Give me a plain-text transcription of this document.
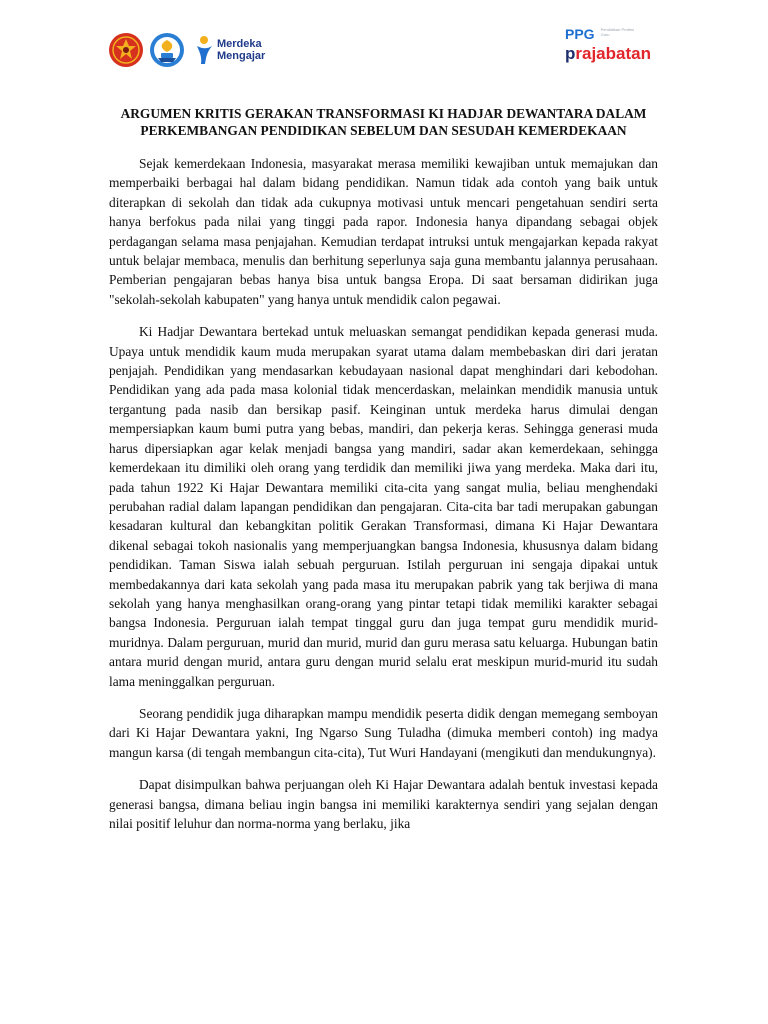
Merdeka
Mengajar
PPG Pendidikan Profesi Guru
prajabatan
ARGUMEN KRITIS GERAKAN TRANSFORMASI KI HADJAR DEWANTARA DALAM PERKEMBANGAN PENDIDIKAN SEBELUM DAN SESUDAH KEMERDEKAAN

Sejak kemerdekaan Indonesia, masyarakat merasa memiliki kewajiban untuk memajukan dan memperbaiki berbagai hal dalam bidang pendidikan. Namun tidak ada contoh yang baik untuk diterapkan di sekolah dan tidak ada cukupnya motivasi untuk mencari pengetahuan sendiri serta hanya berfokus pada nilai yang tinggi pada rapor. Indonesia hanya dipandang sebagai objek perdagangan selama masa penjajahan. Kemudian terdapat intruksi untuk mengajarkan kepada rakyat untuk belajar membaca, menulis dan berhitung seperlunya saja guna membantu jalannya perusahaan. Pemberian pengajaran bebas hanya bisa untuk bangsa Eropa. Di saat bersaman didirikan juga "sekolah-sekolah kabupaten" yang hanya untuk mendidik calon pegawai.

Ki Hadjar Dewantara bertekad untuk meluaskan semangat pendidikan kepada generasi muda. Upaya untuk mendidik kaum muda merupakan syarat utama dalam membebaskan diri dari jeratan penjajah. Pendidikan yang mendasarkan kebudayaan nasional dapat menghindari dari kebodohan. Pendidikan yang ada pada masa kolonial tidak mencerdaskan, melainkan mendidik manusia untuk tergantung pada nasib dan bersikap pasif. Keinginan untuk merdeka harus dimulai dengan mempersiapkan kaum bumi putra yang bebas, mandiri, dan pekerja keras. Sehingga generasi muda harus dipersiapkan agar kelak menjadi bangsa yang mandiri, sadar akan kemerdekaan, sehingga kemerdekaan itu dimiliki oleh orang yang terdidik dan memiliki jiwa yang merdeka. Maka dari itu, pada tahun 1922 Ki Hajar Dewantara memiliki cita-cita yang sangat mulia, beliau menghendaki perubahan radial dalam lapangan pendidikan dan pengajaran. Cita-cita bar tadi merupakan gabungan kesadaran kultural dan kebangkitan politik Gerakan Transformasi, dimana Ki Hajar Dewantara dikenal sebagai tokoh nasionalis yang memperjuangkan bangsa Indonesia, khususnya dalam bidang pendidikan. Taman Siswa ialah sebuah perguruan. Istilah perguruan ini sengaja dipakai untuk membedakannya dari kata sekolah yang pada masa itu merupakan pabrik yang tak berjiwa di mana sekolah yang hanya menghasilkan orang-orang yang pintar tetapi tidak memiliki karakter sebagai bangsa Indonesia. Perguruan ialah tempat tinggal guru dan juga tempat guru mendidik murid-muridnya. Dalam perguruan, murid dan murid, murid dan guru merasa satu keluarga. Hubungan batin antara murid dengan murid, antara guru dengan murid selalu erat meskipun murid-murid itu sudah lama meninggalkan perguruan.

Seorang pendidik juga diharapkan mampu mendidik peserta didik dengan memegang semboyan dari Ki Hajar Dewantara yakni, Ing Ngarso Sung Tuladha (dimuka memberi contoh) ing madya mangun karsa (di tengah membangun cita-cita), Tut Wuri Handayani (mengikuti dan mendukungnya).

Dapat disimpulkan bahwa perjuangan oleh Ki Hajar Dewantara adalah bentuk investasi kepada generasi bangsa, dimana beliau ingin bangsa ini memiliki karakternya sendiri yang sejalan dengan nilai positif leluhur dan norma-norma yang berlaku, jika
